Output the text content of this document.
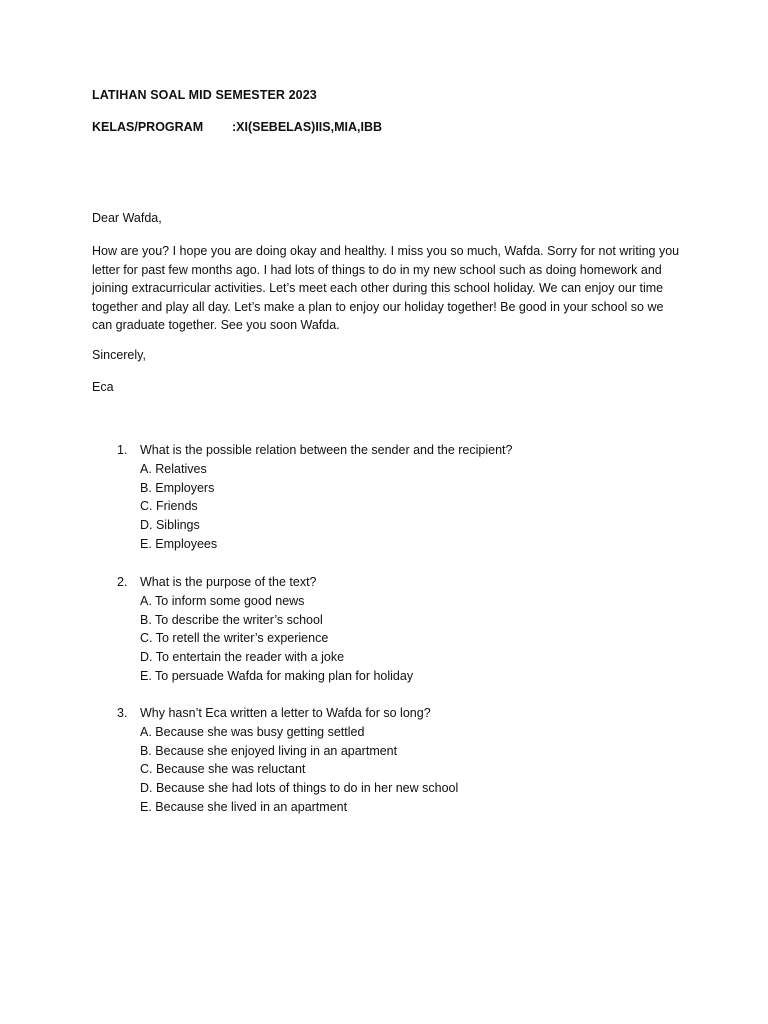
LATIHAN SOAL MID SEMESTER 2023
KELAS/PROGRAM :XI(SEBELAS)IIS,MIA,IBB
Dear Wafda,

How are you? I hope you are doing okay and healthy. I miss you so much, Wafda. Sorry for not writing you letter for past few months ago. I had lots of things to do in my new school such as doing homework and joining extracurricular activities. Let’s meet each other during this school holiday. We can enjoy our time together and play all day. Let’s make a plan to enjoy our holiday together! Be good in your school so we can graduate together. See you soon Wafda.

Sincerely,
Eca
1.	What is the possible relation between the sender and the recipient?
A. Relatives
B. Employers
C. Friends
D. Siblings
E. Employees
2.	What is the purpose of the text?
A. To inform some good news
B. To describe the writer’s school
C. To retell the writer’s experience
D. To entertain the reader with a joke
E. To persuade Wafda for making plan for holiday
3.	Why hasn’t Eca written a letter to Wafda for so long?
A. Because she was busy getting settled
B. Because she enjoyed living in an apartment
C. Because she was reluctant
D. Because she had lots of things to do in her new school
E. Because she lived in an apartment
